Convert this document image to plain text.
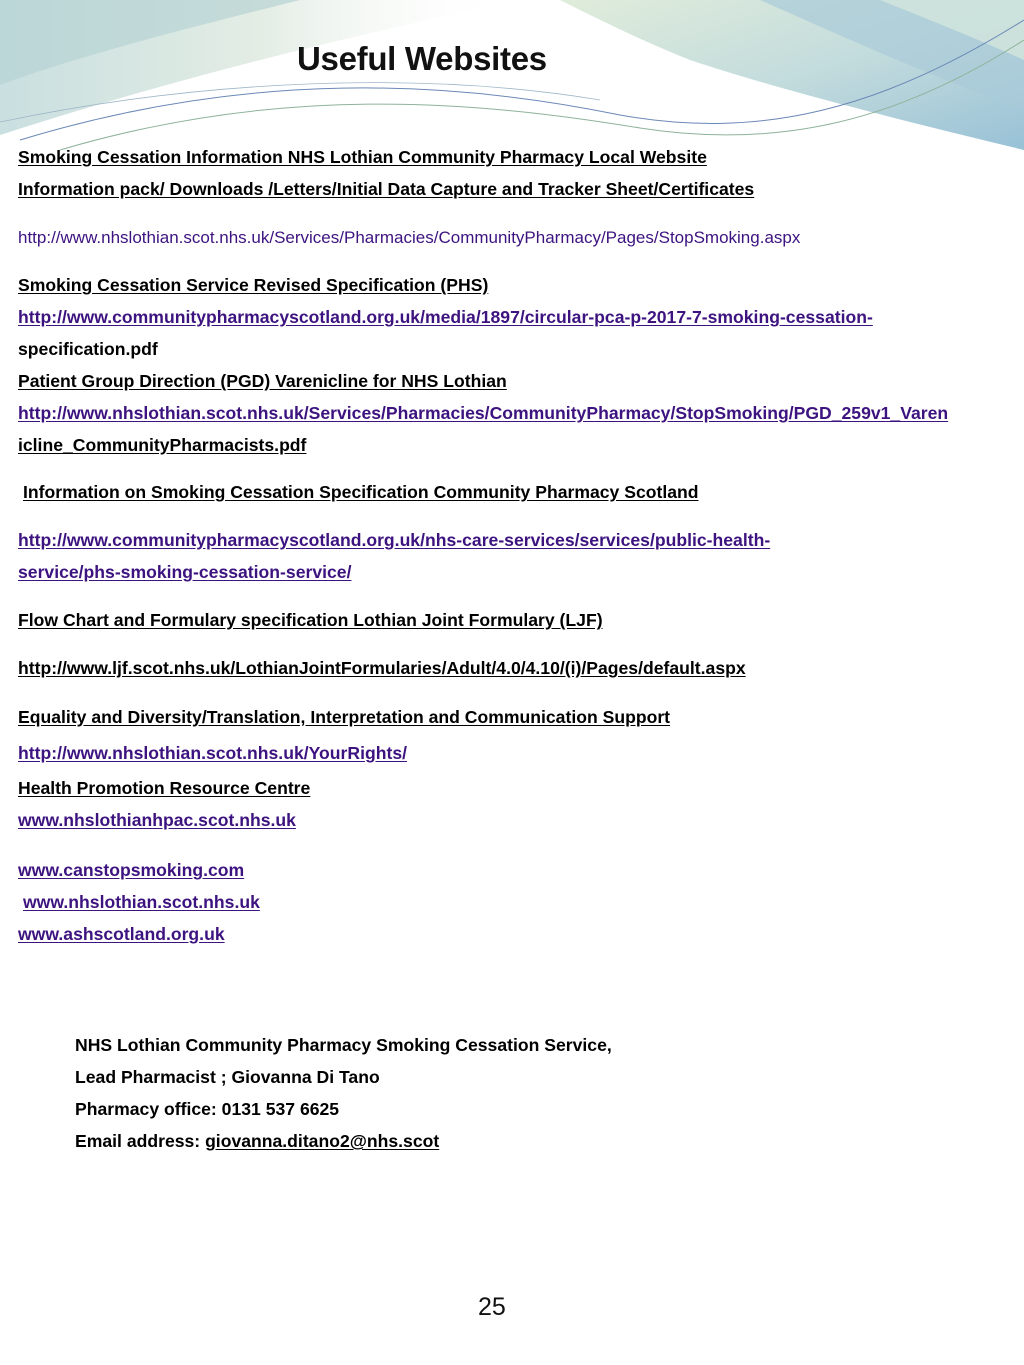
Useful Websites
Smoking Cessation Information NHS Lothian Community Pharmacy Local Website
Information pack/ Downloads /Letters/Initial Data Capture and Tracker Sheet/Certificates
http://www.nhslothian.scot.nhs.uk/Services/Pharmacies/CommunityPharmacy/Pages/StopSmoking.aspx
Smoking Cessation Service Revised Specification (PHS)
http://www.communitypharmacyscotland.org.uk/media/1897/circular-pca-p-2017-7-smoking-cessation-
specification.pdf
Patient Group Direction (PGD) Varenicline for NHS Lothian
http://www.nhslothian.scot.nhs.uk/Services/Pharmacies/CommunityPharmacy/StopSmoking/PGD_259v1_Varen
icline_CommunityPharmacists.pdf
Information on Smoking Cessation Specification Community Pharmacy Scotland
http://www.communitypharmacyscotland.org.uk/nhs-care-services/services/public-health-
service/phs-smoking-cessation-service/
Flow Chart and Formulary specification Lothian Joint Formulary (LJF)
http://www.ljf.scot.nhs.uk/LothianJointFormularies/Adult/4.0/4.10/(i)/Pages/default.aspx
Equality and Diversity/Translation, Interpretation and Communication Support
http://www.nhslothian.scot.nhs.uk/YourRights/
Health Promotion Resource Centre
www.nhslothianhpac.scot.nhs.uk
www.canstopsmoking.com
www.nhslothian.scot.nhs.uk
www.ashscotland.org.uk
NHS Lothian Community Pharmacy Smoking Cessation Service,
Lead Pharmacist ; Giovanna Di Tano
Pharmacy office: 0131 537 6625
Email address: giovanna.ditano2@nhs.scot
25
